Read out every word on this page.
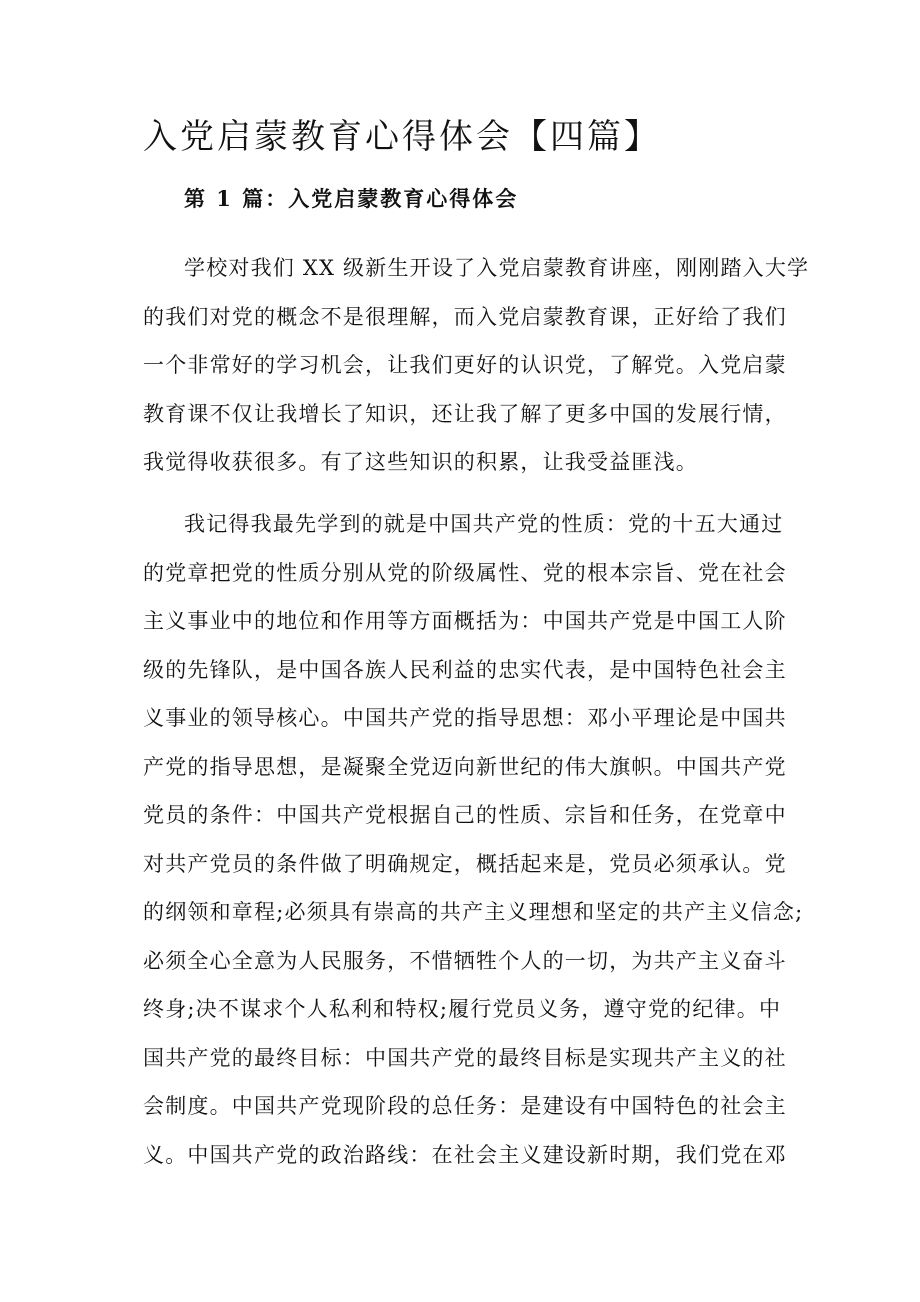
入党启蒙教育心得体会【四篇】
第 1 篇：入党启蒙教育心得体会
学校对我们 XX 级新生开设了入党启蒙教育讲座，刚刚踏入大学
的我们对党的概念不是很理解，而入党启蒙教育课，正好给了我们
一个非常好的学习机会，让我们更好的认识党，了解党。入党启蒙
教育课不仅让我增长了知识，还让我了解了更多中国的发展行情，
我觉得收获很多。有了这些知识的积累，让我受益匪浅。
我记得我最先学到的就是中国共产党的性质：党的十五大通过
的党章把党的性质分别从党的阶级属性、党的根本宗旨、党在社会
主义事业中的地位和作用等方面概括为：中国共产党是中国工人阶
级的先锋队，是中国各族人民利益的忠实代表，是中国特色社会主
义事业的领导核心。中国共产党的指导思想：邓小平理论是中国共
产党的指导思想，是凝聚全党迈向新世纪的伟大旗帜。中国共产党
党员的条件：中国共产党根据自己的性质、宗旨和任务，在党章中
对共产党员的条件做了明确规定，概括起来是，党员必须承认。党
的纲领和章程;必须具有崇高的共产主义理想和坚定的共产主义信念;
必须全心全意为人民服务，不惜牺牲个人的一切，为共产主义奋斗
终身;决不谋求个人私利和特权;履行党员义务，遵守党的纪律。中
国共产党的最终目标：中国共产党的最终目标是实现共产主义的社
会制度。中国共产党现阶段的总任务：是建设有中国特色的社会主
义。中国共产党的政治路线：在社会主义建设新时期，我们党在邓
